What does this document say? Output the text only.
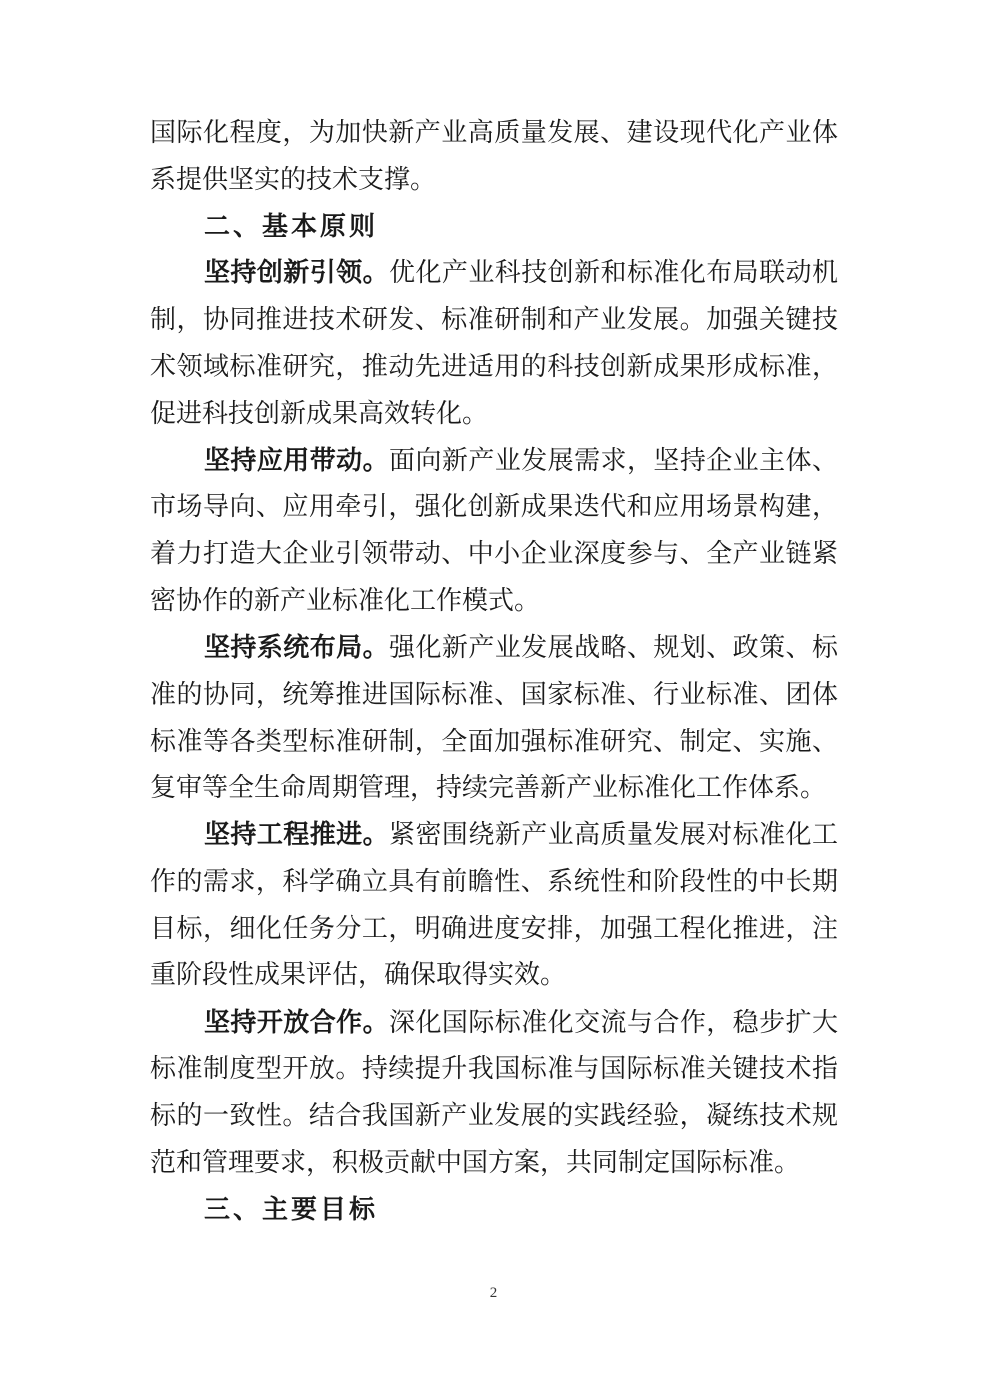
国际化程度，为加快新产业高质量发展、建设现代化产业体

系提供坚实的技术支撑。

二、基本原则

坚持创新引领。优化产业科技创新和标准化布局联动机

制，协同推进技术研发、标准研制和产业发展。加强关键技

术领域标准研究，推动先进适用的科技创新成果形成标准，

促进科技创新成果高效转化。

坚持应用带动。面向新产业发展需求，坚持企业主体、

市场导向、应用牵引，强化创新成果迭代和应用场景构建，

着力打造大企业引领带动、中小企业深度参与、全产业链紧

密协作的新产业标准化工作模式。

坚持系统布局。强化新产业发展战略、规划、政策、标

准的协同，统筹推进国际标准、国家标准、行业标准、团体

标准等各类型标准研制，全面加强标准研究、制定、实施、

复审等全生命周期管理，持续完善新产业标准化工作体系。

坚持工程推进。紧密围绕新产业高质量发展对标准化工

作的需求，科学确立具有前瞻性、系统性和阶段性的中长期

目标，细化任务分工，明确进度安排，加强工程化推进，注

重阶段性成果评估，确保取得实效。

坚持开放合作。深化国际标准化交流与合作，稳步扩大

标准制度型开放。持续提升我国标准与国际标准关键技术指

标的一致性。结合我国新产业发展的实践经验，凝练技术规

范和管理要求，积极贡献中国方案，共同制定国际标准。

三、主要目标

2
